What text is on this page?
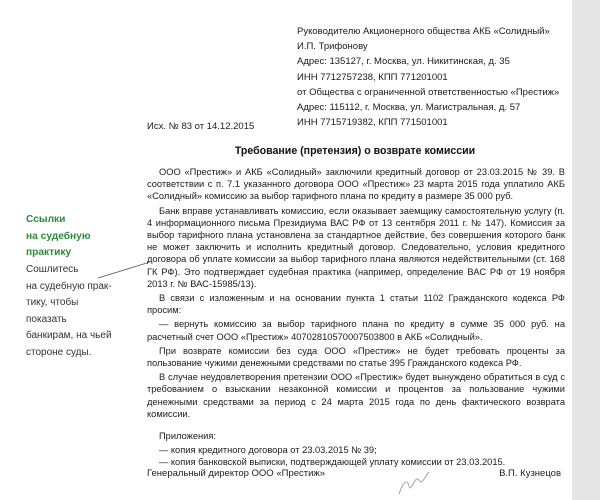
Руководителю Акционерного общества АКБ «Солидный»
И.П. Трифонову
Адрес: 135127, г. Москва, ул. Никитинская, д. 35
ИНН 7712757238, КПП 771201001
от Общества с ограниченной ответственностью «Престиж»
Адрес: 115112, г. Москва, ул. Магистральная, д. 57
ИНН 7715719382, КПП 771501001
Исх. № 83 от 14.12.2015
Требование (претензия) о возврате комиссии

ООО «Престиж» и АКБ «Солидный» заключили кредитный договор от 23.03.2015 № 39. В соответствии с п. 7.1 указанного договора ООО «Престиж» 23 марта 2015 года уплатило АКБ «Солидный» комиссию за выбор тарифного плана по кредиту в размере 35 000 руб.

Банк вправе устанавливать комиссию, если оказывает заемщику самостоятельную услугу (п. 4 информационного письма Президиума ВАС РФ от 13 сентября 2011 г. № 147). Комиссия за выбор тарифного плана установлена за стандартное действие, без совершения которого банк не может заключить и исполнить кредитный договор. Следовательно, условия кредитного договора об уплате комиссии за выбор тарифного плана являются недействительными (ст. 168 ГК РФ). Это подтверждает судебная практика (например, определение ВАС РФ от 19 ноября 2013 г. № ВАС-15985/13).

В связи с изложенным и на основании пункта 1 статьи 1102 Гражданского кодекса РФ просим:

— вернуть комиссию за выбор тарифного плана по кредиту в сумме 35 000 руб. на расчетный счет ООО «Престиж» 40702810570007503800 в АКБ «Солидный».

При возврате комиссии без суда ООО «Престиж» не будет требовать проценты за пользование чужими денежными средствами по статье 395 Гражданского кодекса РФ.

В случае неудовлетворения претензии ООО «Престиж» будет вынуждено обратиться в суд с требованием о взыскании незаконной комиссии и процентов за пользование чужими денежными средствами за период с 24 марта 2015 года по день фактического возврата комиссии.

Приложения:

— копия кредитного договора от 23.03.2015 № 39;

— копия банковской выписки, подтверждающей уплату комиссии от 23.03.2015.

Ссылки
на судебную
практику
Сошлитесь
на судебную прак-
тику, чтобы показать
банкирам, на чьей
стороне суды.
Генеральный директор ООО «Престиж»	В.П. Кузнецов
